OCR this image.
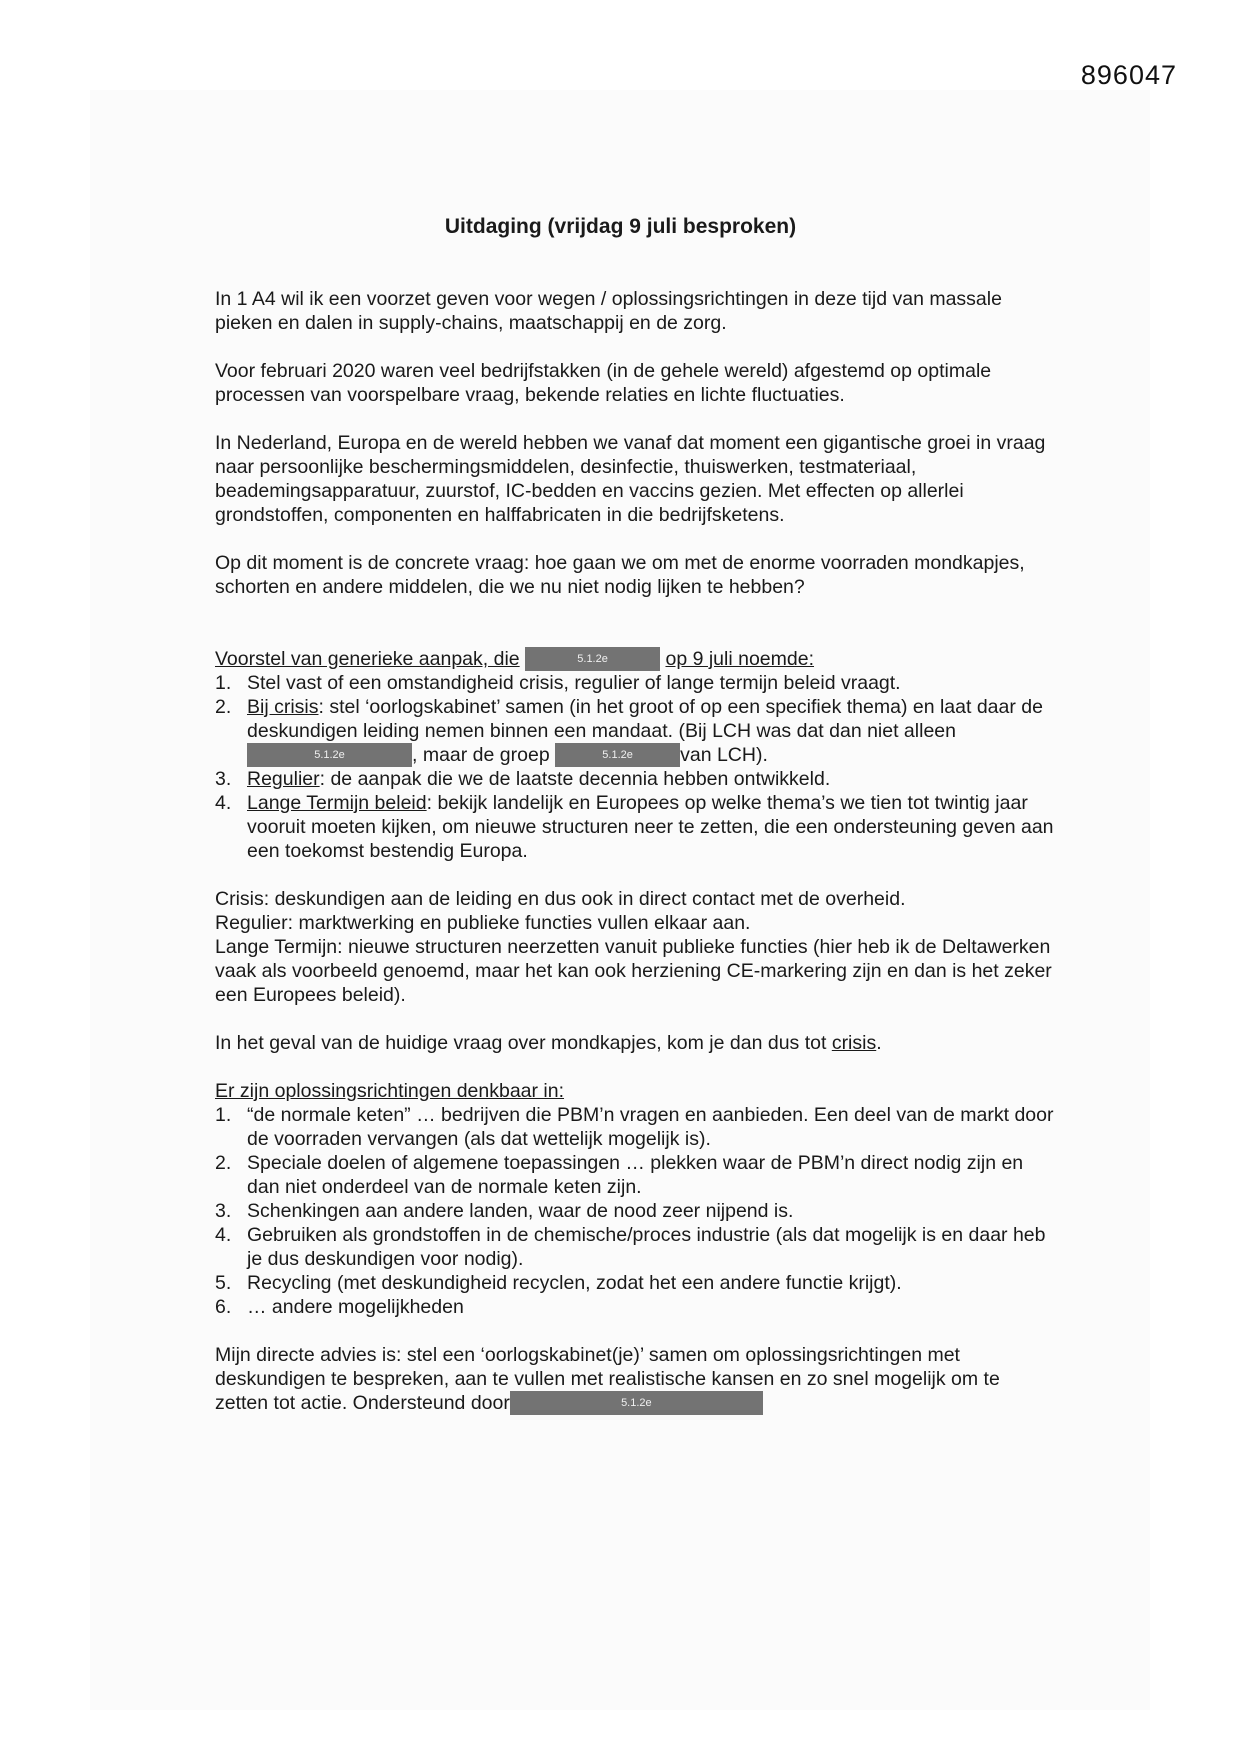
896047
Uitdaging (vrijdag 9 juli besproken)

In 1 A4 wil ik een voorzet geven voor wegen / oplossingsrichtingen in deze tijd van massale pieken en dalen in supply-chains, maatschappij en de zorg.

Voor februari 2020 waren veel bedrijfstakken (in de gehele wereld) afgestemd op optimale processen van voorspelbare vraag, bekende relaties en lichte fluctuaties.

In Nederland, Europa en de wereld hebben we vanaf dat moment een gigantische groei in vraag naar persoonlijke beschermingsmiddelen, desinfectie, thuiswerken, testmateriaal, beademingsapparatuur, zuurstof, IC-bedden en vaccins gezien. Met effecten op allerlei grondstoffen, componenten en halffabricaten in die bedrijfsketens.

Op dit moment is de concrete vraag: hoe gaan we om met de enorme voorraden mondkapjes, schorten en andere middelen, die we nu niet nodig lijken te hebben?

Voorstel van generieke aanpak, die	5.1.2e	op 9 juli noemde:
1. Stel vast of een omstandigheid crisis, regulier of lange termijn beleid vraagt.
2. Bij crisis: stel ‘oorlogskabinet’ samen (in het groot of op een specifiek thema) en laat daar de deskundigen leiding nemen binnen een mandaat. (Bij LCH was dat dan niet alleen 5.1.2e	, maar de groep	5.1.2e van LCH).
3. Regulier: de aanpak die we de laatste decennia hebben ontwikkeld.
4. Lange Termijn beleid: bekijk landelijk en Europees op welke thema’s we tien tot twintig jaar vooruit moeten kijken, om nieuwe structuren neer te zetten, die een ondersteuning geven aan een toekomst bestendig Europa.

Crisis: deskundigen aan de leiding en dus ook in direct contact met de overheid.
Regulier: marktwerking en publieke functies vullen elkaar aan.
Lange Termijn: nieuwe structuren neerzetten vanuit publieke functies (hier heb ik de Deltawerken vaak als voorbeeld genoemd, maar het kan ook herziening CE-markering zijn en dan is het zeker een Europees beleid).

In het geval van de huidige vraag over mondkapjes, kom je dan dus tot crisis.

Er zijn oplossingsrichtingen denkbaar in:
1. “de normale keten” … bedrijven die PBM’n vragen en aanbieden. Een deel van de markt door de voorraden vervangen (als dat wettelijk mogelijk is).
2. Speciale doelen of algemene toepassingen … plekken waar de PBM’n direct nodig zijn en dan niet onderdeel van de normale keten zijn.
3. Schenkingen aan andere landen, waar de nood zeer nijpend is.
4. Gebruiken als grondstoffen in de chemische/proces industrie (als dat mogelijk is en daar heb je dus deskundigen voor nodig).
5. Recycling (met deskundigheid recyclen, zodat het een andere functie krijgt).
6. … andere mogelijkheden

Mijn directe advies is: stel een ‘oorlogskabinet(je)’ samen om oplossingsrichtingen met deskundigen te bespreken, aan te vullen met realistische kansen en zo snel mogelijk om te zetten tot actie. Ondersteund door	5.1.2e
